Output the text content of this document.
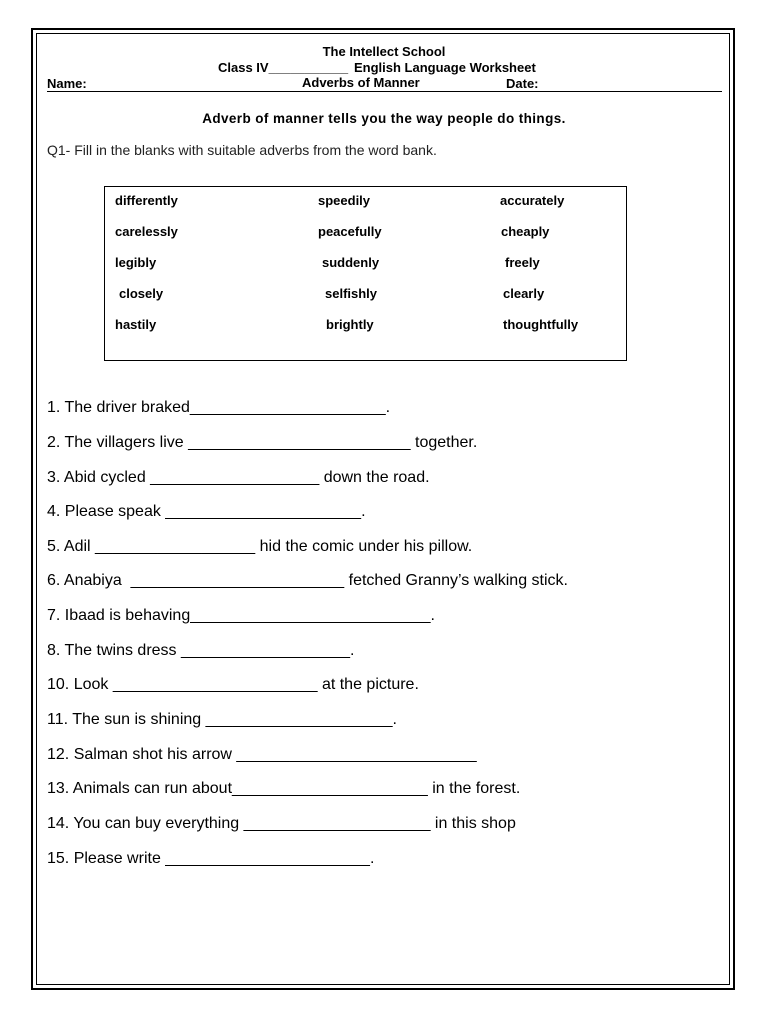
The Intellect School
Class IV___________ English Language Worksheet
Name:	Adverbs of Manner	Date:
Adverb of manner tells you the way people do things.
Q1- Fill in the blanks with suitable adverbs from the word bank.
differently	speedily	accurately
carelessly	peacefully	cheaply
legibly	suddenly	freely
closely	selfishly	clearly
hastily	brightly	thoughtfully
1. The driver braked______________________.
2. The villagers live _________________________ together.
3. Abid cycled ___________________ down the road.
4. Please speak ______________________.
5. Adil __________________ hid the comic under his pillow.
6. Anabiya  ________________________ fetched Granny’s walking stick.
7. Ibaad is behaving___________________________.
8. The twins dress ___________________.
10. Look _______________________ at the picture.
11. The sun is shining _____________________.
12. Salman shot his arrow ___________________________
13. Animals can run about______________________ in the forest.
14. You can buy everything _____________________ in this shop
15. Please write _______________________.
